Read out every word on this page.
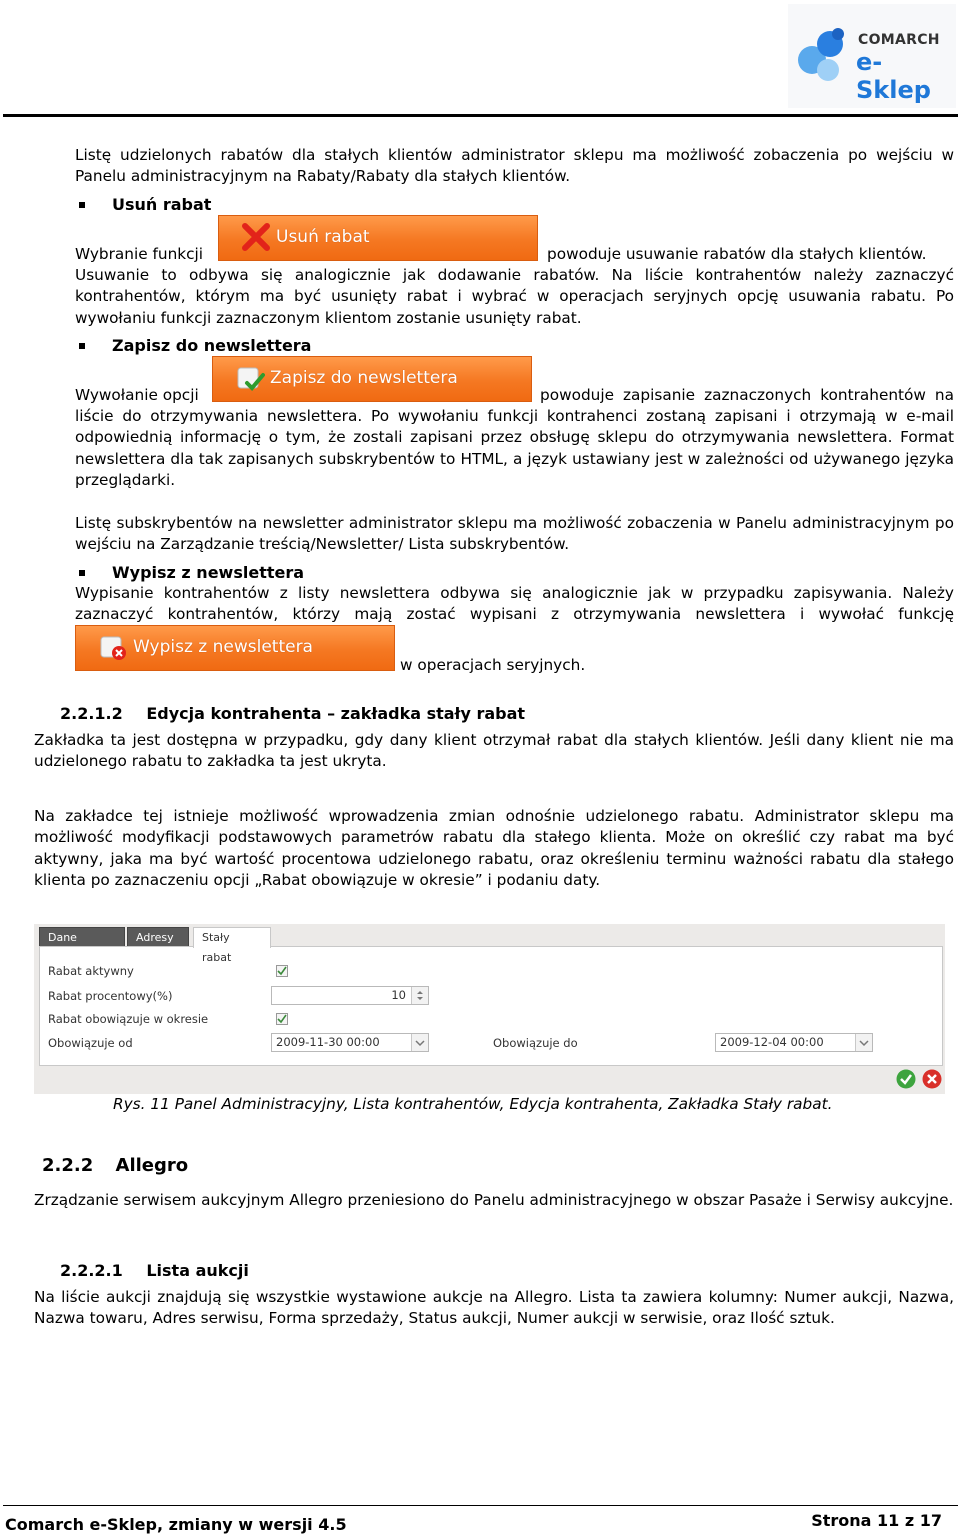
COMARCH
e-Sklep

Listę udzielonych rabatów dla stałych klientów administrator sklepu ma możliwość zobaczenia po wejściu w Panelu administracyjnym na Rabaty/Rabaty dla stałych klientów.

Usuń rabat
Wybranie funkcji
Usuń rabat
powoduje usuwanie rabatów dla stałych klientów.

Usuwanie to odbywa się analogicznie jak dodawanie rabatów. Na liście kontrahentów należy zaznaczyć kontrahentów, którym ma być usunięty rabat i wybrać w operacjach seryjnych opcję usuwania rabatu. Po wywołaniu funkcji zaznaczonym klientom zostanie usunięty rabat.

Zapisz do newslettera
Wywołanie opcji
Zapisz do newslettera
powoduje zapisanie zaznaczonych kontrahentów na

liście do otrzymywania newslettera. Po wywołaniu funkcji kontrahenci zostaną zapisani i otrzymają w e-mail odpowiednią informację o tym, że zostali zapisani przez obsługę sklepu do otrzymywania newslettera. Format newslettera dla tak zapisanych subskrybentów to HTML, a język ustawiany jest w zależności od używanego języka przeglądarki.

Listę subskrybentów na newsletter administrator sklepu ma możliwość zobaczenia w Panelu administracyjnym po wejściu na Zarządzanie treścią/Newsletter/ Lista subskrybentów.

Wypisz z newslettera

Wypisanie kontrahentów z listy newslettera odbywa się analogicznie jak w przypadku zapisywania. Należy zaznaczyć kontrahentów, którzy mają zostać wypisani z otrzymywania newslettera i wywołać funkcję

Wypisz z newslettera
w operacjach seryjnych.
2.2.1.2 Edycja kontrahenta – zakładka stały rabat

Zakładka ta jest dostępna w przypadku, gdy dany klient otrzymał rabat dla stałych klientów. Jeśli dany klient nie ma udzielonego rabatu to zakładka ta jest ukryta.

Na zakładce tej istnieje możliwość wprowadzenia zmian odnośnie udzielonego rabatu. Administrator sklepu ma możliwość modyfikacji podstawowych parametrów rabatu dla stałego klienta. Może on określić czy rabat ma być aktywny, jaka ma być wartość procentowa udzielonego rabatu, oraz określeniu terminu ważności rabatu dla stałego klienta po zaznaczeniu opcji „Rabat obowiązuje w okresie” i podaniu daty.

Dane	Adresy	Stały rabat
Rabat aktywny
Rabat procentowy(%)	10
Rabat obowiązuje w okresie
Obowiązuje od	2009-11-30 00:00	Obowiązuje do	2009-12-04 00:00
Rys. 11 Panel Administracyjny, Lista kontrahentów, Edycja kontrahenta, Zakładka Stały rabat.
2.2.2 Allegro

Zrządzanie serwisem aukcyjnym Allegro przeniesiono do Panelu administracyjnego w obszar Pasaże i Serwisy aukcyjne.

2.2.2.1 Lista aukcji

Na liście aukcji znajdują się wszystkie wystawione aukcje na Allegro. Lista ta zawiera kolumny: Numer aukcji, Nazwa, Nazwa towaru, Adres serwisu, Forma sprzedaży, Status aukcji, Numer aukcji w serwisie, oraz Ilość sztuk.

Comarch e-Sklep, zmiany w wersji 4.5	Strona 11 z 17
